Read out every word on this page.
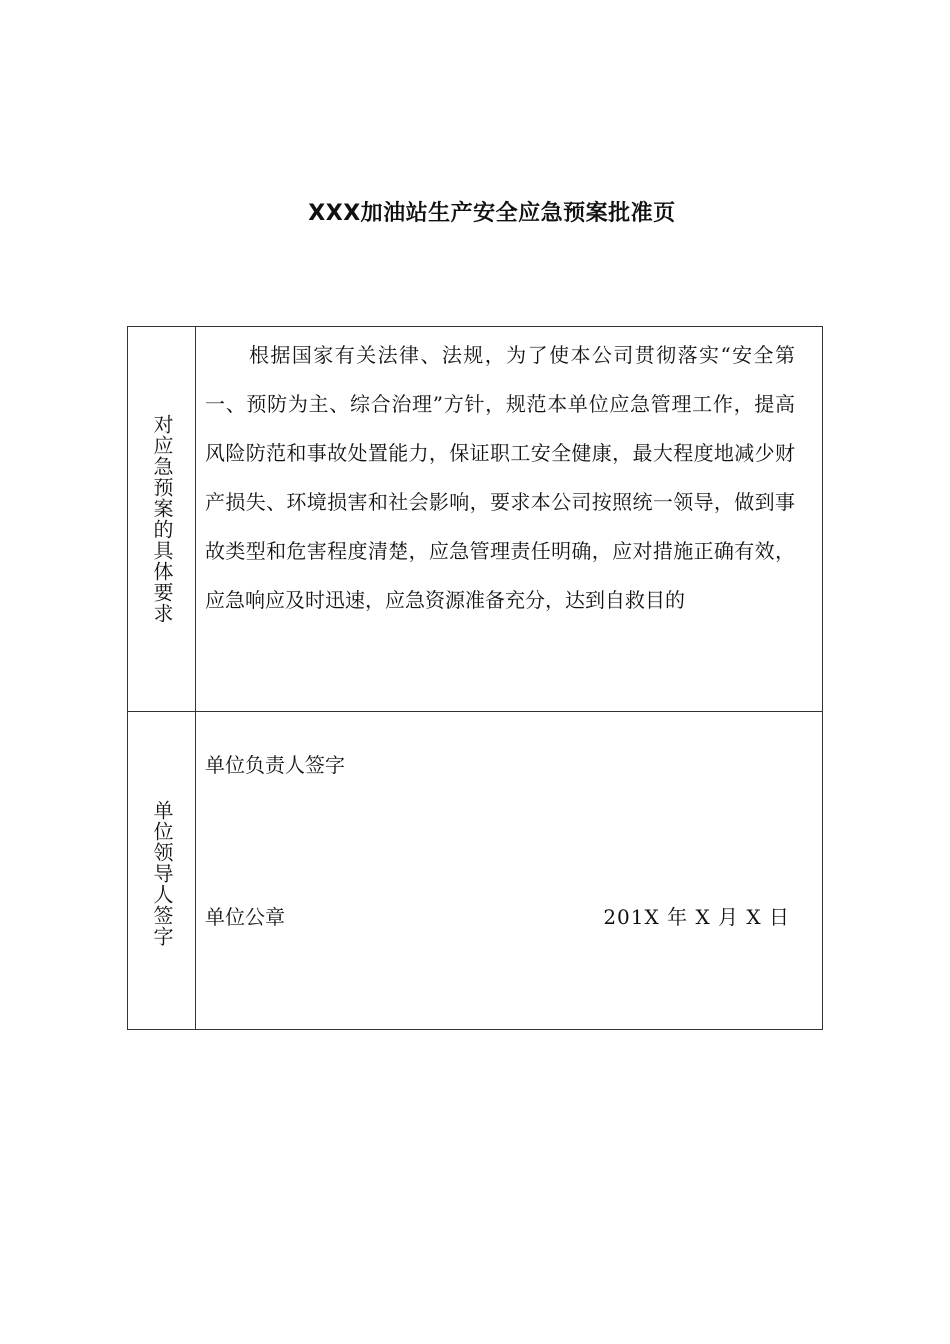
XXX加油站生产安全应急预案批准页
对应急预案的具体要求
根据国家有关法律、法规，为了使本公司贯彻落实“安全第一、预防为主、综合治理”方针，规范本单位应急管理工作，提高风险防范和事故处置能力，保证职工安全健康，最大程度地减少财产损失、环境损害和社会影响，要求本公司按照统一领导，做到事故类型和危害程度清楚，应急管理责任明确，应对措施正确有效，应急响应及时迅速，应急资源准备充分，达到自救目的
单位领导人签字
单位负责人签字
单位公章	201X 年 X 月 X 日
